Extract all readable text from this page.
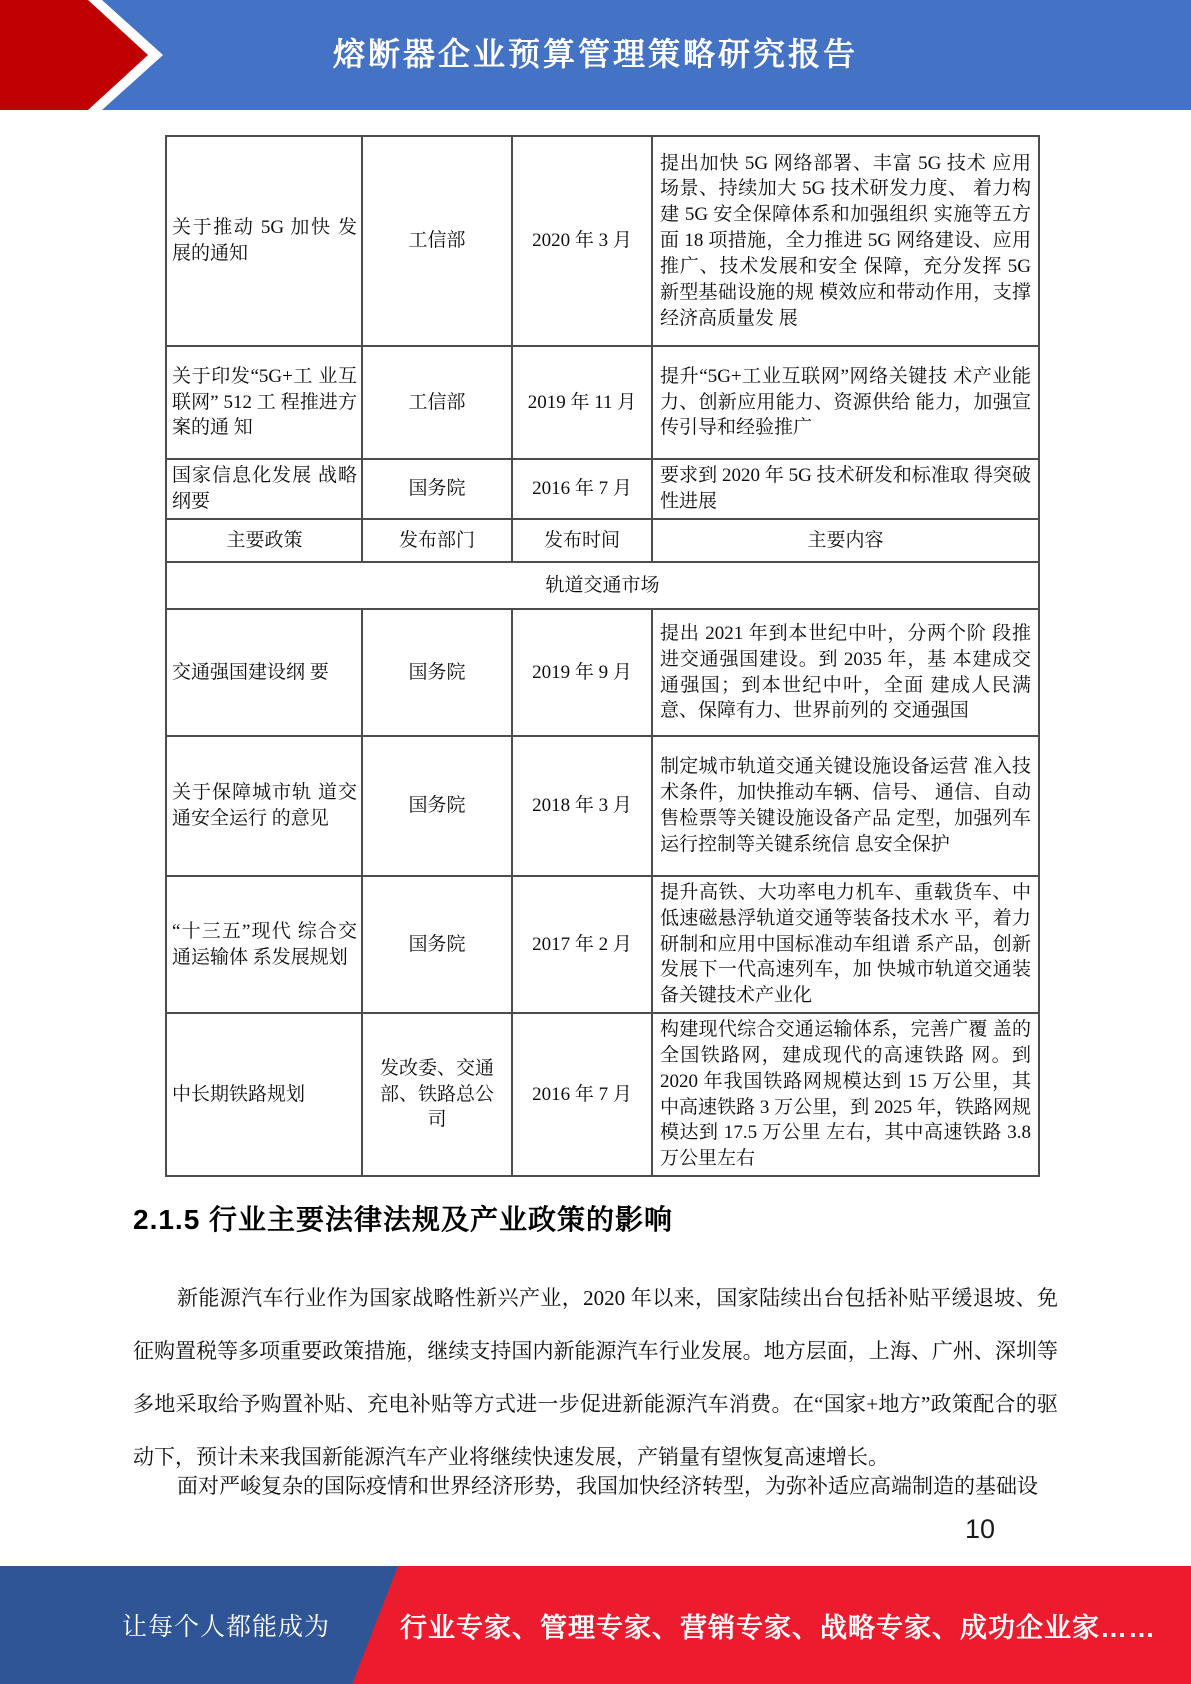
熔断器企业预算管理策略研究报告
关于推动 5G 加快 发展的通知	工信部	2020 年 3 月	提出加快 5G 网络部署、丰富 5G 技术 应用场景、持续加大 5G 技术研发力度、 着力构建 5G 安全保障体系和加强组织 实施等五方面 18 项措施，全力推进 5G 网络建设、应用推广、技术发展和安全 保障，充分发挥 5G 新型基础设施的规 模效应和带动作用，支撑经济高质量发 展
关于印发“5G+工 业互联网” 512 工 程推进方案的通 知	工信部	2019 年 11 月	提升“5G+工业互联网”网络关键技 术产业能力、创新应用能力、资源供给 能力，加强宣传引导和经验推广
国家信息化发展 战略纲要	国务院	2016 年 7 月	要求到 2020 年 5G 技术研发和标准取 得突破性进展
主要政策	发布部门	发布时间	主要内容
轨道交通市场			
交通强国建设纲 要	国务院	2019 年 9 月	提出 2021 年到本世纪中叶，分两个阶 段推进交通强国建设。到 2035 年，基 本建成交通强国；到本世纪中叶，全面 建成人民满意、保障有力、世界前列的 交通强国
关于保障城市轨 道交通安全运行 的意见	国务院	2018 年 3 月	制定城市轨道交通关键设施设备运营 准入技术条件，加快推动车辆、信号、 通信、自动售检票等关键设施设备产品 定型，加强列车运行控制等关键系统信 息安全保护
“十三五”现代 综合交通运输体 系发展规划	国务院	2017 年 2 月	提升高铁、大功率电力机车、重载货车、中低速磁悬浮轨道交通等装备技术水 平，着力研制和应用中国标准动车组谱 系产品，创新发展下一代高速列车，加 快城市轨道交通装备关键技术产业化
中长期铁路规划	发改委、交通 部、铁路总公 司	2016 年 7 月	构建现代综合交通运输体系，完善广覆 盖的全国铁路网，建成现代的高速铁路 网。到 2020 年我国铁路网规模达到 15 万公里，其中高速铁路 3 万公里，到 2025 年，铁路网规模达到 17.5 万公里 左右，其中高速铁路 3.8 万公里左右
2.1.5 行业主要法律法规及产业政策的影响
新能源汽车行业作为国家战略性新兴产业，2020 年以来，国家陆续出台包括补贴平缓退坡、免征购置税等多项重要政策措施，继续支持国内新能源汽车行业发展。地方层面，上海、广州、深圳等多地采取给予购置补贴、充电补贴等方式进一步促进新能源汽车消费。在“国家+地方”政策配合的驱动下，预计未来我国新能源汽车产业将继续快速发展，产销量有望恢复高速增长。
面对严峻复杂的国际疫情和世界经济形势，我国加快经济转型，为弥补适应高端制造的基础设
10
让每个人都能成为	行业专家、管理专家、营销专家、战略专家、成功企业家……
